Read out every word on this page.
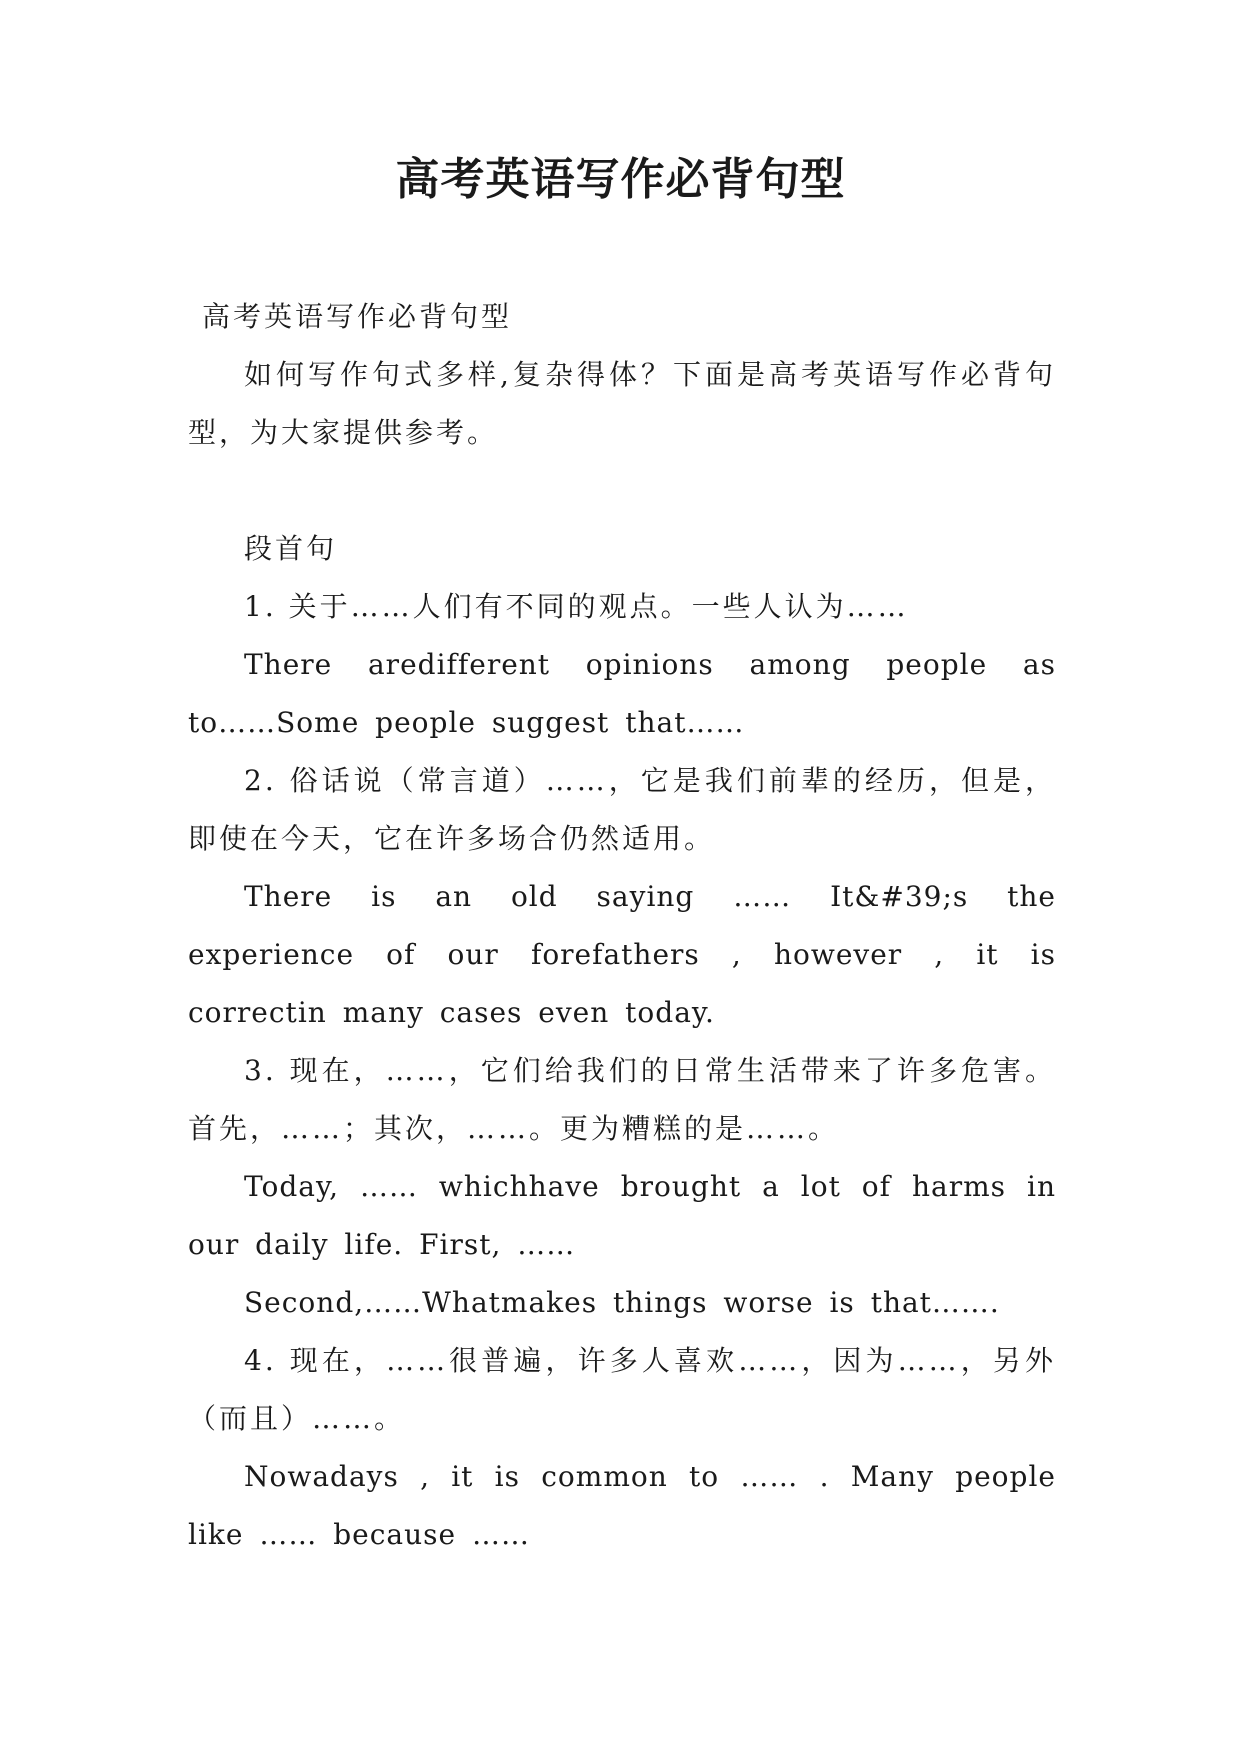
高考英语写作必背句型

高考英语写作必背句型

如何写作句式多样,复杂得体？下面是高考英语写作必背句型，为大家提供参考。

段首句

1. 关于……人们有不同的观点。一些人认为……

There aredifferent opinions among people as to……Some people suggest that……

2. 俗话说（常言道）……，它是我们前辈的经历，但是，即使在今天，它在许多场合仍然适用。

There is an old saying …… It&#39;s the experience of our forefathers , however , it is correctin many cases even today.

3. 现在，……，它们给我们的日常生活带来了许多危害。首先，……；其次，……。更为糟糕的是……。

Today, …… whichhave brought a lot of harms in our daily life. First, ……

Second,……Whatmakes things worse is that…….

4. 现在，……很普遍，许多人喜欢……，因为……，另外（而且）……。

Nowadays , it is common to …… . Many people like …… because ……
